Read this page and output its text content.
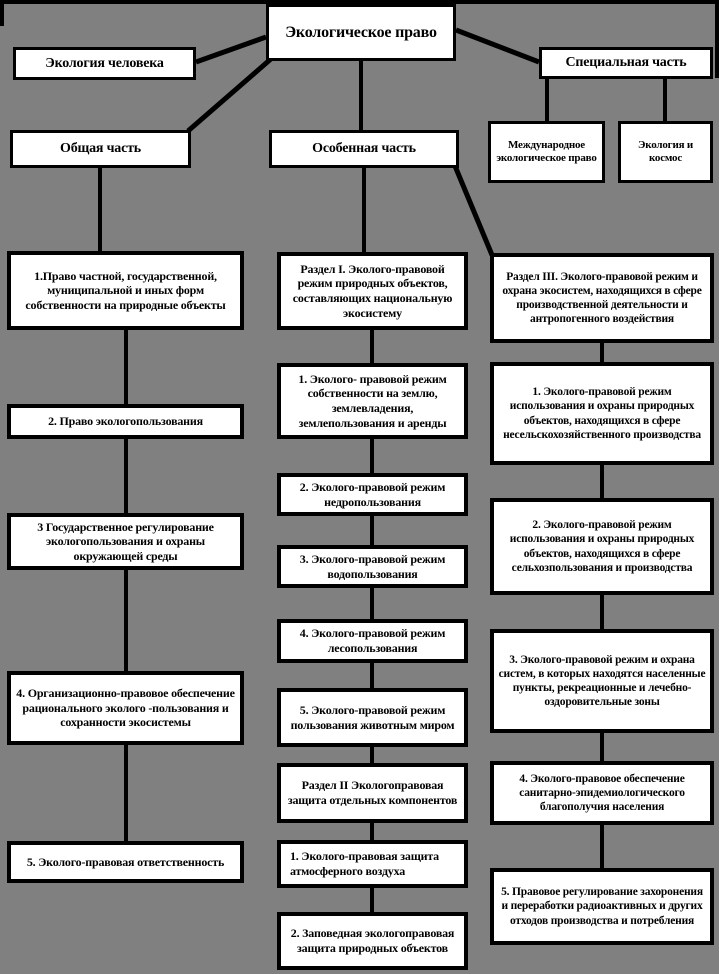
Экологическое право
Экология человека	Специальная часть
Общая часть	Особенная часть	Международное экологическое право
Экология и космос
1.Право частной, государственной, муниципальной и иных форм собственности на природные объекты
2. Право экологопользования
3 Государственное регулирование экологопользования и охраны окружающей среды
4. Организационно-правовое обеспечение рационального эколого -пользования и сохранности экосистемы
5. Эколого-правовая ответственность
Раздел I. Эколого-правовой режим природных объектов, составляющих национальную экосистему
1. Эколого- правовой режим собственности на землю, землевладения, землепользования и аренды
2. Эколого-правовой режим недропользования
3. Эколого-правовой режим водопользования
4. Эколого-правовой режим лесопользования
5. Эколого-правовой режим пользования животным миром
Раздел II Экологоправовая защита отдельных компонентов
1. Эколого-правовая защита атмосферного воздуха
2. Заповедная экологоправовая защита природных объектов
Раздел III. Эколого-правовой режим и охрана экосистем, находящихся в сфере производственной деятельности и антропогенного воздействия
1. Эколого-правовой режим использования и охраны природных объектов, находящихся в сфере несельскохозяйственного производства
2. Эколого-правовой режим использования и охраны природных объектов, находящихся в сфере сельхозпользования и производства
3. Эколого-правовой режим и охрана систем, в которых находятся населенные пункты, рекреационные и лечебно-оздоровительные зоны
4. Эколого-правовое обеспечение санитарно-эпидемиологического благополучия населения
5. Правовое регулирование захоронения и переработки радиоактивных и других отходов производства и потребления
